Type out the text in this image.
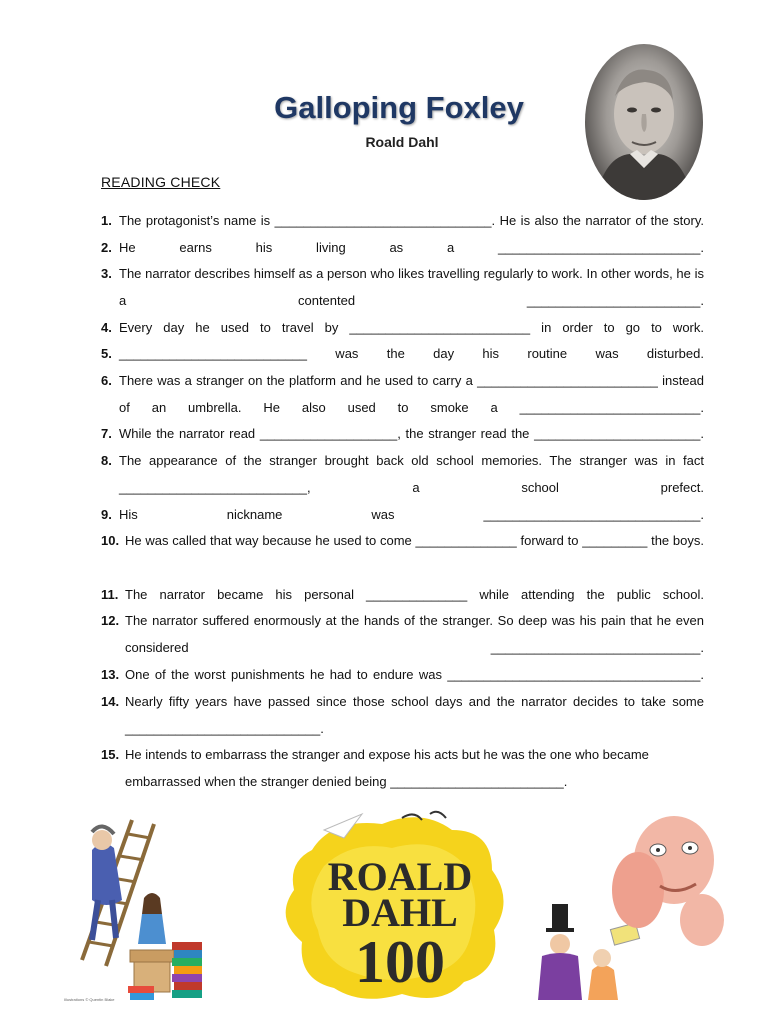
Galloping Foxley
Roald Dahl
READING CHECK
1. The protagonist’s name is ______________________________. He is also the narrator of the story.
2. He earns his living as a ____________________________.
3. The narrator describes himself as a person who likes travelling regularly to work. In other words, he is a contented ________________________.
4. Every day he used to travel by _________________________ in order to go to work.
5. __________________________ was the day his routine was disturbed.
6. There was a stranger on the platform and he used to carry a _________________________ instead of an umbrella. He also used to smoke a _________________________.
7. While the narrator read ___________________, the stranger read the _______________________.
8. The appearance of the stranger brought back old school memories. The stranger was in fact __________________________, a school prefect.
9. His nickname was ______________________________.
10. He was called that way because he used to come ______________ forward to _________ the boys.
11. The narrator became his personal ______________ while attending the public school.
12. The narrator suffered enormously at the hands of the stranger. So deep was his pain that he even considered _____________________________.
13. One of the worst punishments he had to endure was ___________________________________.
14. Nearly fifty years have passed since those school days and the narrator decides to take some ___________________________.
15. He intends to embarrass the stranger and expose his acts but he was the one who became embarrassed when the stranger denied being ________________________.
ROALD
DAHL
100
Illustrations © Quentin Blake
